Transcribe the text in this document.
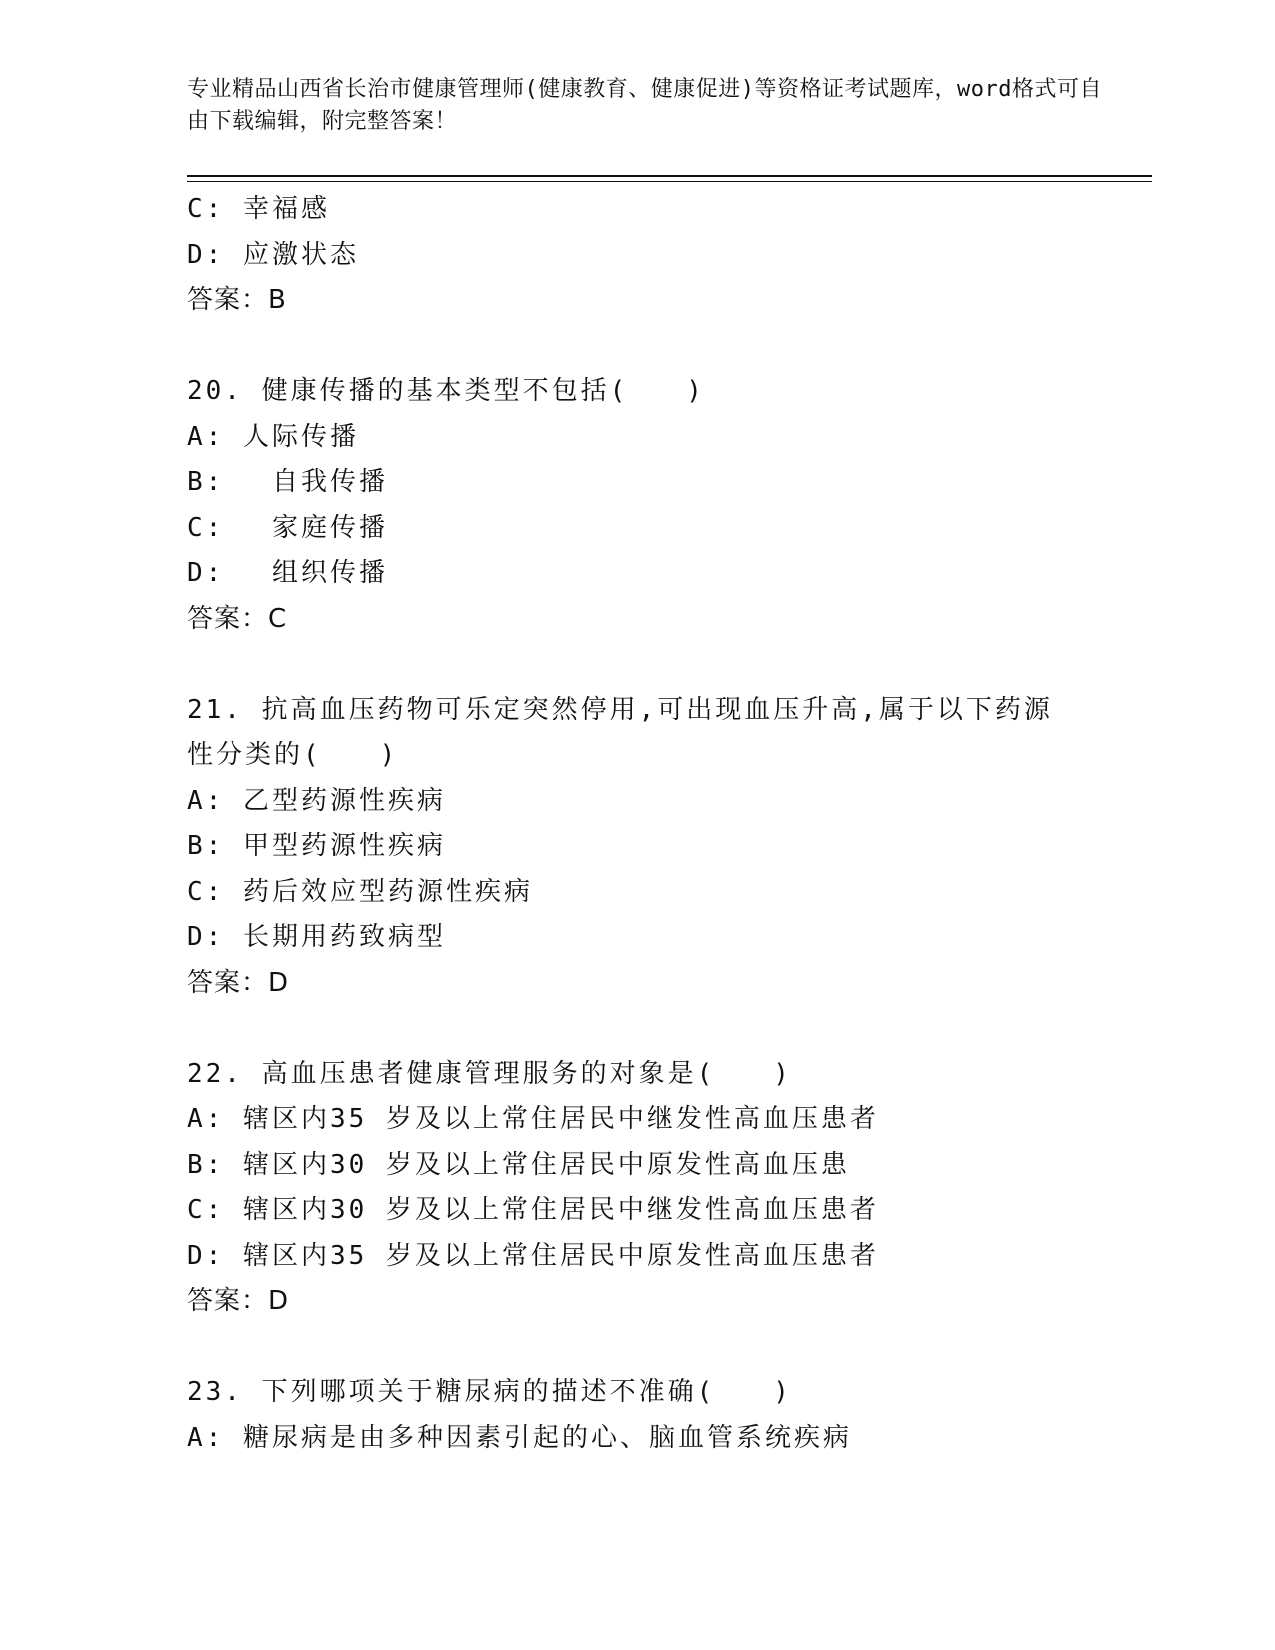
专业精品山西省长治市健康管理师(健康教育、健康促进)等资格证考试题库，word格式可自由下载编辑，附完整答案！
C: 幸福感
D: 应激状态
答案：B
20. 健康传播的基本类型不包括(　　)
A: 人际传播
B: 　自我传播
C: 　家庭传播
D: 　组织传播
答案：C
21. 抗高血压药物可乐定突然停用,可出现血压升高,属于以下药源性分类的(　　)
A: 乙型药源性疾病
B: 甲型药源性疾病
C: 药后效应型药源性疾病
D: 长期用药致病型
答案：D
22. 高血压患者健康管理服务的对象是(　　)
A: 辖区内35 岁及以上常住居民中继发性高血压患者
B: 辖区内30 岁及以上常住居民中原发性高血压患
C: 辖区内30 岁及以上常住居民中继发性高血压患者
D: 辖区内35 岁及以上常住居民中原发性高血压患者
答案：D
23. 下列哪项关于糖尿病的描述不准确(　　)
A: 糖尿病是由多种因素引起的心、脑血管系统疾病
